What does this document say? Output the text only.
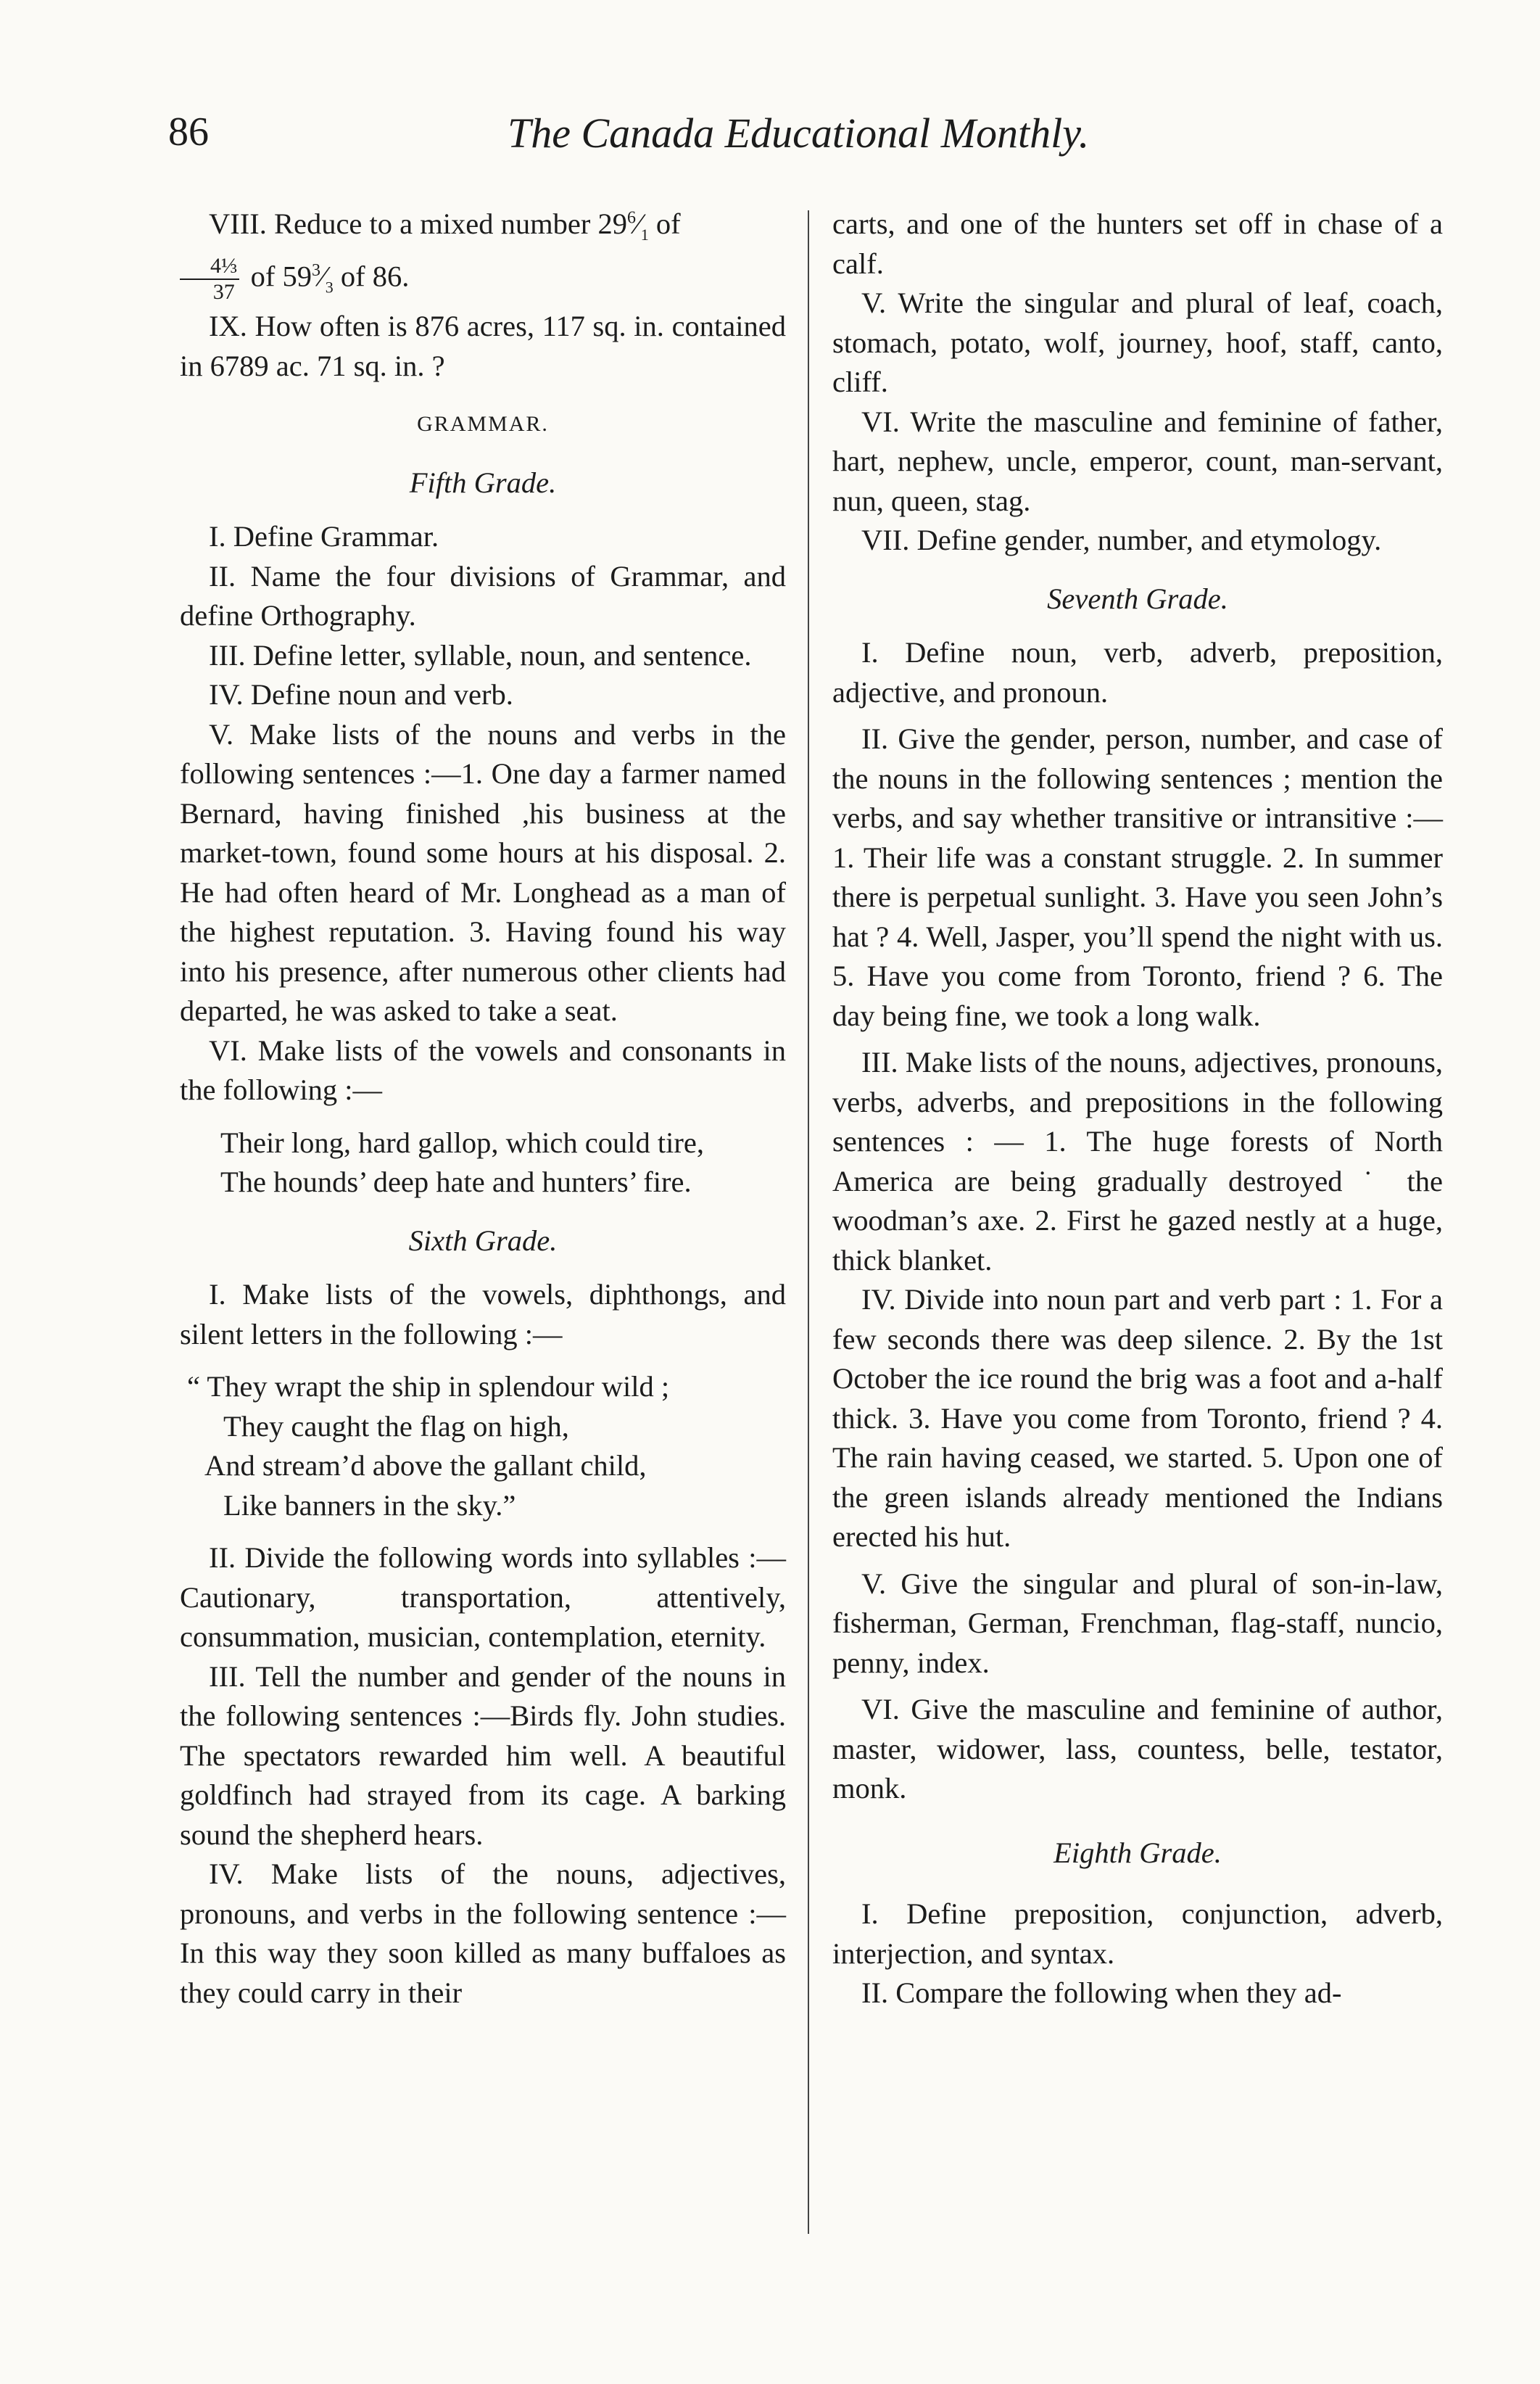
86	The Canada Educational Monthly.

VIII. Reduce to a mixed number $29^6⁄_1$ of

$\frac{\text{4⅓}}{37}$ of $59^3⁄_3$ of 86.

IX. How often is 876 acres, 117 sq. in. contained in 6789 ac. 71 sq. in. ?

GRAMMAR.

Fifth Grade.

I. Define Grammar.

II. Name the four divisions of Grammar, and define Orthography.

III. Define letter, syllable, noun, and sentence.

IV. Define noun and verb.

V. Make lists of the nouns and verbs in the following sentences :—1. One day a farmer named Bernard, having finished ,his business at the market-town, found some hours at his disposal. 2. He had often heard of Mr. Longhead as a man of the highest reputation. 3. Having found his way into his presence, after numerous other clients had departed, he was asked to take a seat.

VI. Make lists of the vowels and consonants in the following :—

Their long, hard gallop, which could tire,
The hounds’ deep hate and hunters’ fire.

Sixth Grade.

I. Make lists of the vowels, diphthongs, and silent letters in the following :—

“ They wrapt the ship in splendour wild ;
They caught the flag on high,
And stream’d above the gallant child,
Like banners in the sky.”

II. Divide the following words into syllables :—Cautionary, transportation, attentively, consummation, musician, contemplation, eternity.

III. Tell the number and gender of the nouns in the following sentences :—Birds fly. John studies. The spectators rewarded him well. A beautiful goldfinch had strayed from its cage. A barking sound the shepherd hears.

IV. Make lists of the nouns, adjectives, pronouns, and verbs in the following sentence :—In this way they soon killed as many buffaloes as they could carry in their

carts, and one of the hunters set off in chase of a calf.

V. Write the singular and plural of leaf, coach, stomach, potato, wolf, journey, hoof, staff, canto, cliff.

VI. Write the masculine and feminine of father, hart, nephew, uncle, emperor, count, man-servant, nun, queen, stag.

VII. Define gender, number, and etymology.

Seventh Grade.

I. Define noun, verb, adverb, preposition, adjective, and pronoun.

II. Give the gender, person, number, and case of the nouns in the following sentences ; mention the verbs, and say whether transitive or intransitive :—1. Their life was a constant struggle. 2. In summer there is perpetual sunlight. 3. Have you seen John’s hat ? 4. Well, Jasper, you’ll spend the night with us. 5. Have you come from Toronto, friend ? 6. The day being fine, we took a long walk.

III. Make lists of the nouns, adjectives, pronouns, verbs, adverbs, and prepositions in the following sentences : — 1. The huge forests of North America are being gradually destroyed ˙ the woodman’s axe. 2. First he gazed nestly at a huge, thick blanket.

IV. Divide into noun part and verb part : 1. For a few seconds there was deep silence. 2. By the 1st October the ice round the brig was a foot and a-half thick. 3. Have you come from Toronto, friend ? 4. The rain having ceased, we started. 5. Upon one of the green islands already mentioned the Indians erected his hut.

V. Give the singular and plural of son-in-law, fisherman, German, Frenchman, flag-staff, nuncio, penny, index.

VI. Give the masculine and feminine of author, master, widower, lass, countess, belle, testator, monk.

Eighth Grade.

I. Define preposition, conjunction, adverb, interjection, and syntax.

II. Compare the following when they ad-
